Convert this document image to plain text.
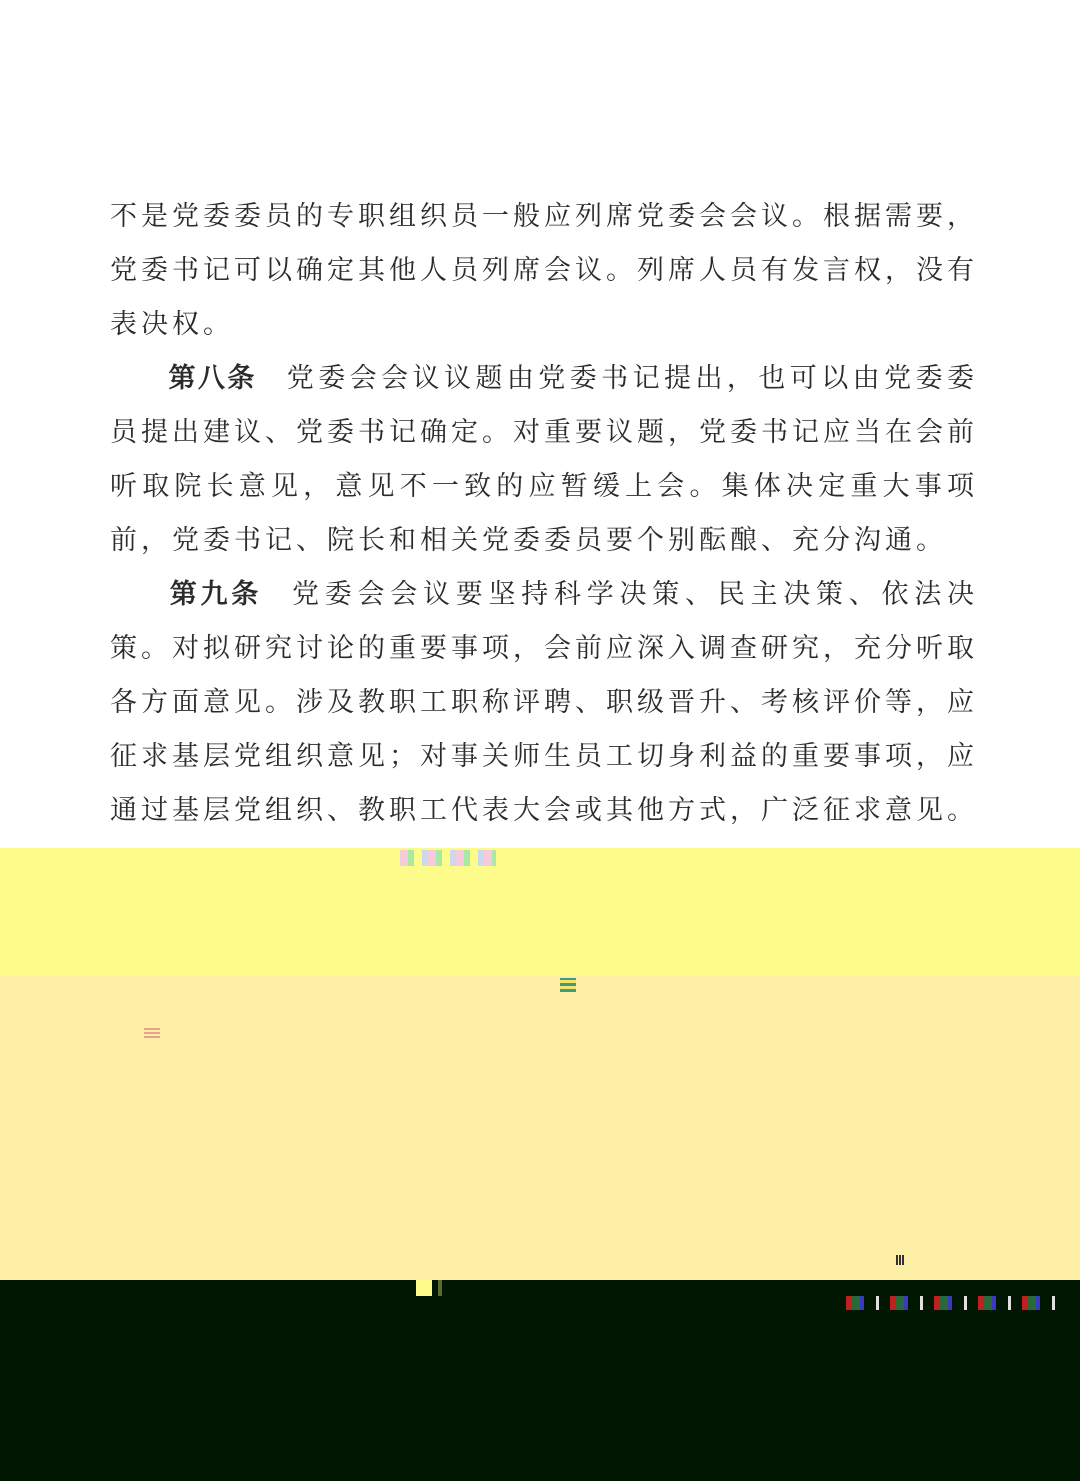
不是党委委员的专职组织员一般应列席党委会会议。根据需要，党委书记可以确定其他人员列席会议。列席人员有发言权，没有表决权。

第八条 党委会会议议题由党委书记提出，也可以由党委委员提出建议、党委书记确定。对重要议题，党委书记应当在会前听取院长意见，意见不一致的应暂缓上会。集体决定重大事项前，党委书记、院长和相关党委委员要个别酝酿、充分沟通。

第九条 党委会会议要坚持科学决策、民主决策、依法决策。对拟研究讨论的重要事项，会前应深入调查研究，充分听取各方面意见。涉及教职工职称评聘、职级晋升、考核评价等，应征求基层党组织意见；对事关师生员工切身利益的重要事项，应通过基层党组织、教职工代表大会或其他方式，广泛征求意见。
